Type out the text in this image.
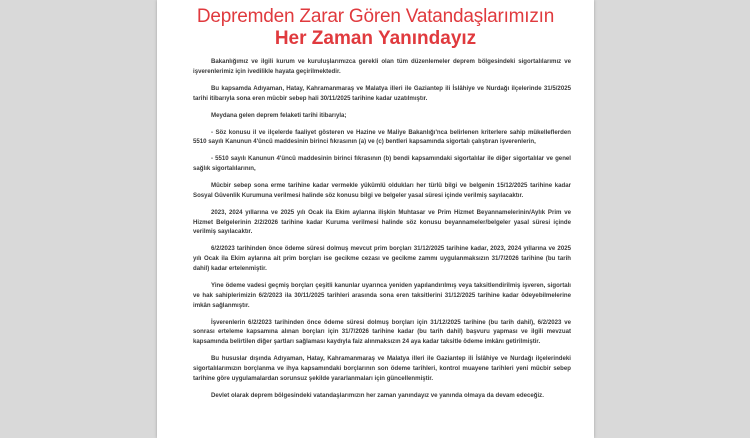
Depremden Zarar Gören Vatandaşlarımızın
Her Zaman Yanındayız

Bakanlığımız ve ilgili kurum ve kuruluşlarımızca gerekli olan tüm düzenlemeler deprem bölgesindeki sigortalılarımız ve işverenlerimiz için ivedilikle hayata geçirilmektedir.

Bu kapsamda Adıyaman, Hatay, Kahramanmaraş ve Malatya illeri ile Gaziantep ili İslâhiye ve Nurdağı ilçelerinde 31/5/2025 tarihi itibarıyla sona eren mücbir sebep hali 30/11/2025 tarihine kadar uzatılmıştır.

Meydana gelen deprem felaketi tarihi itibarıyla;

- Söz konusu il ve ilçelerde faaliyet gösteren ve Hazine ve Maliye Bakanlığı'nca belirlenen kriterlere sahip mükelleflerden 5510 sayılı Kanunun 4'üncü maddesinin birinci fıkrasının (a) ve (c) bentleri kapsamında sigortalı çalıştıran işverenlerin,

- 5510 sayılı Kanunun 4'üncü maddesinin birinci fıkrasının (b) bendi kapsamındaki sigortalılar ile diğer sigortalılar ve genel sağlık sigortalılarının,

Mücbir sebep sona erme tarihine kadar vermekle yükümlü oldukları her türlü bilgi ve belgenin 15/12/2025 tarihine kadar Sosyal Güvenlik Kurumuna verilmesi halinde söz konusu bilgi ve belgeler yasal süresi içinde verilmiş sayılacaktır.

2023, 2024 yıllarına ve 2025 yılı Ocak ila Ekim aylarına ilişkin Muhtasar ve Prim Hizmet Beyannamelerinin/Aylık Prim ve Hizmet Belgelerinin 2/2/2026 tarihine kadar Kuruma verilmesi halinde söz konusu beyannameler/belgeler yasal süresi içinde verilmiş sayılacaktır.

6/2/2023 tarihinden önce ödeme süresi dolmuş mevcut prim borçları 31/12/2025 tarihine kadar, 2023, 2024 yıllarına ve 2025 yılı Ocak ila Ekim aylarına ait prim borçları ise gecikme cezası ve gecikme zammı uygulanmaksızın 31/7/2026 tarihine (bu tarih dahil) kadar ertelenmiştir.

Yine ödeme vadesi geçmiş borçları çeşitli kanunlar uyarınca yeniden yapılandırılmış veya taksitlendirilmiş işveren, sigortalı ve hak sahiplerimizin 6/2/2023 ila 30/11/2025 tarihleri arasında sona eren taksitlerini 31/12/2025 tarihine kadar ödeyebilmelerine imkân sağlanmıştır.

İşverenlerin 6/2/2023 tarihinden önce ödeme süresi dolmuş borçları için 31/12/2025 tarihine (bu tarih dahil), 6/2/2023 ve sonrası erteleme kapsamına alınan borçları için 31/7/2026 tarihine kadar (bu tarih dahil) başvuru yapması ve ilgili mevzuat kapsamında belirtilen diğer şartları sağlaması kaydıyla faiz alınmaksızın 24 aya kadar taksitle ödeme imkânı getirilmiştir.

Bu hususlar dışında Adıyaman, Hatay, Kahramanmaraş ve Malatya illeri ile Gaziantep ili İslâhiye ve Nurdağı ilçelerindeki sigortalılarımızın borçlanma ve ihya kapsamındaki borçlarının son ödeme tarihleri, kontrol muayene tarihleri yeni mücbir sebep tarihine göre uygulamalardan sorunsuz şekilde yararlanmaları için güncellenmiştir.

Devlet olarak deprem bölgesindeki vatandaşlarımızın her zaman yanındayız ve yanında olmaya da devam edeceğiz.
